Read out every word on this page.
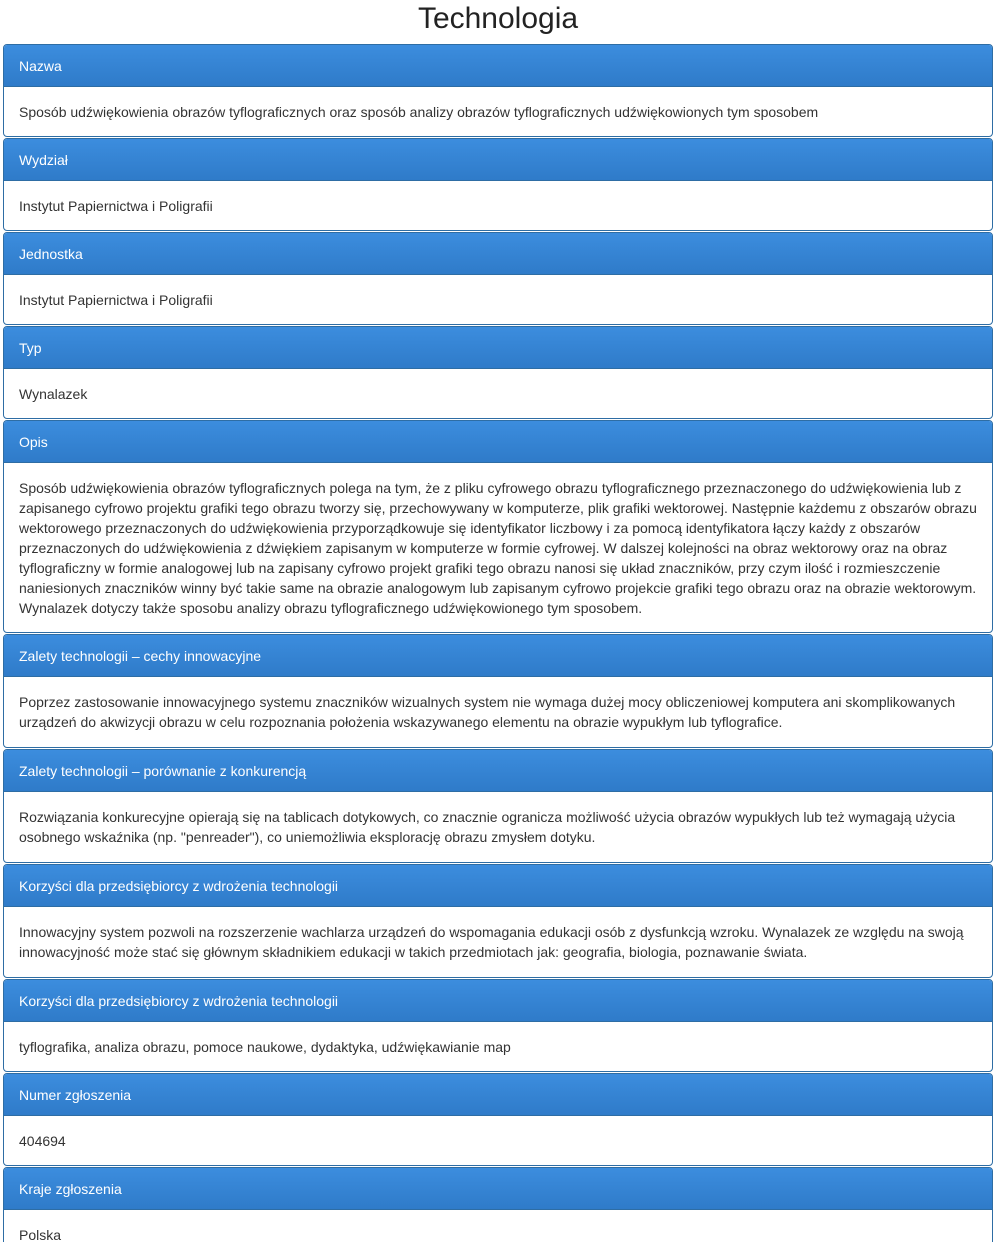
Technologia
Nazwa
Sposób udźwiękowienia obrazów tyflograficznych oraz sposób analizy obrazów tyflograficznych udźwiękowionych tym sposobem
Wydział
Instytut Papiernictwa i Poligrafii
Jednostka
Instytut Papiernictwa i Poligrafii
Typ
Wynalazek
Opis
Sposób udźwiękowienia obrazów tyflograficznych polega na tym, że z pliku cyfrowego obrazu tyflograficznego przeznaczonego do udźwiękowienia lub z zapisanego cyfrowo projektu grafiki tego obrazu tworzy się, przechowywany w komputerze, plik grafiki wektorowej. Następnie każdemu z obszarów obrazu wektorowego przeznaczonych do udźwiękowienia przyporządkowuje się identyfikator liczbowy i za pomocą identyfikatora łączy każdy z obszarów przeznaczonych do udźwiękowienia z dźwiękiem zapisanym w komputerze w formie cyfrowej. W dalszej kolejności na obraz wektorowy oraz na obraz tyflograficzny w formie analogowej lub na zapisany cyfrowo projekt grafiki tego obrazu nanosi się układ znaczników, przy czym ilość i rozmieszczenie naniesionych znaczników winny być takie same na obrazie analogowym lub zapisanym cyfrowo projekcie grafiki tego obrazu oraz na obrazie wektorowym. Wynalazek dotyczy także sposobu analizy obrazu tyflograficznego udźwiękowionego tym sposobem.
Zalety technologii – cechy innowacyjne
Poprzez zastosowanie innowacyjnego systemu znaczników wizualnych system nie wymaga dużej mocy obliczeniowej komputera ani skomplikowanych urządzeń do akwizycji obrazu w celu rozpoznania położenia wskazywanego elementu na obrazie wypukłym lub tyflografice.
Zalety technologii – porównanie z konkurencją
Rozwiązania konkurecyjne opierają się na tablicach dotykowych, co znacznie ogranicza możliwość użycia obrazów wypukłych lub też wymagają użycia osobnego wskaźnika (np. "penreader"), co uniemożliwia eksplorację obrazu zmysłem dotyku.
Korzyści dla przedsiębiorcy z wdrożenia technologii
Innowacyjny system pozwoli na rozszerzenie wachlarza urządzeń do wspomagania edukacji osób z dysfunkcją wzroku. Wynalazek ze względu na swoją innowacyjność może stać się głównym składnikiem edukacji w takich przedmiotach jak: geografia, biologia, poznawanie świata.
Korzyści dla przedsiębiorcy z wdrożenia technologii
tyflografika, analiza obrazu, pomoce naukowe, dydaktyka, udźwiękawianie map
Numer zgłoszenia
404694
Kraje zgłoszenia
Polska
